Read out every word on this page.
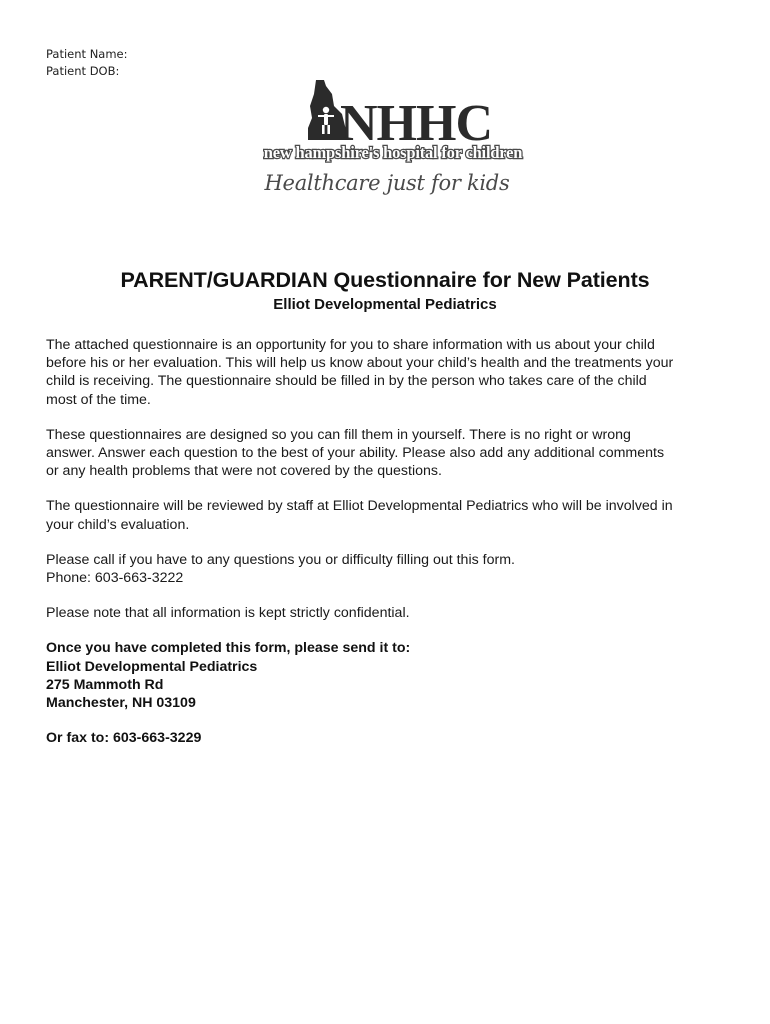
Patient Name:
Patient DOB:
NHHC
new hampshire's hospital for children
Healthcare just for kids
PARENT/GUARDIAN Questionnaire for New Patients
Elliot Developmental Pediatrics

The attached questionnaire is an opportunity for you to share information with us about your child
before his or her evaluation. This will help us know about your child’s health and the treatments your
child is receiving. The questionnaire should be filled in by the person who takes care of the child
most of the time.

These questionnaires are designed so you can fill them in yourself. There is no right or wrong
answer. Answer each question to the best of your ability. Please also add any additional comments
or any health problems that were not covered by the questions.

The questionnaire will be reviewed by staff at Elliot Developmental Pediatrics who will be involved in
your child’s evaluation.

Please call if you have to any questions you or difficulty filling out this form.
Phone: 603-663-3222

Please note that all information is kept strictly confidential.

Once you have completed this form, please send it to:
Elliot Developmental Pediatrics
275 Mammoth Rd
Manchester, NH 03109

Or fax to: 603-663-3229
